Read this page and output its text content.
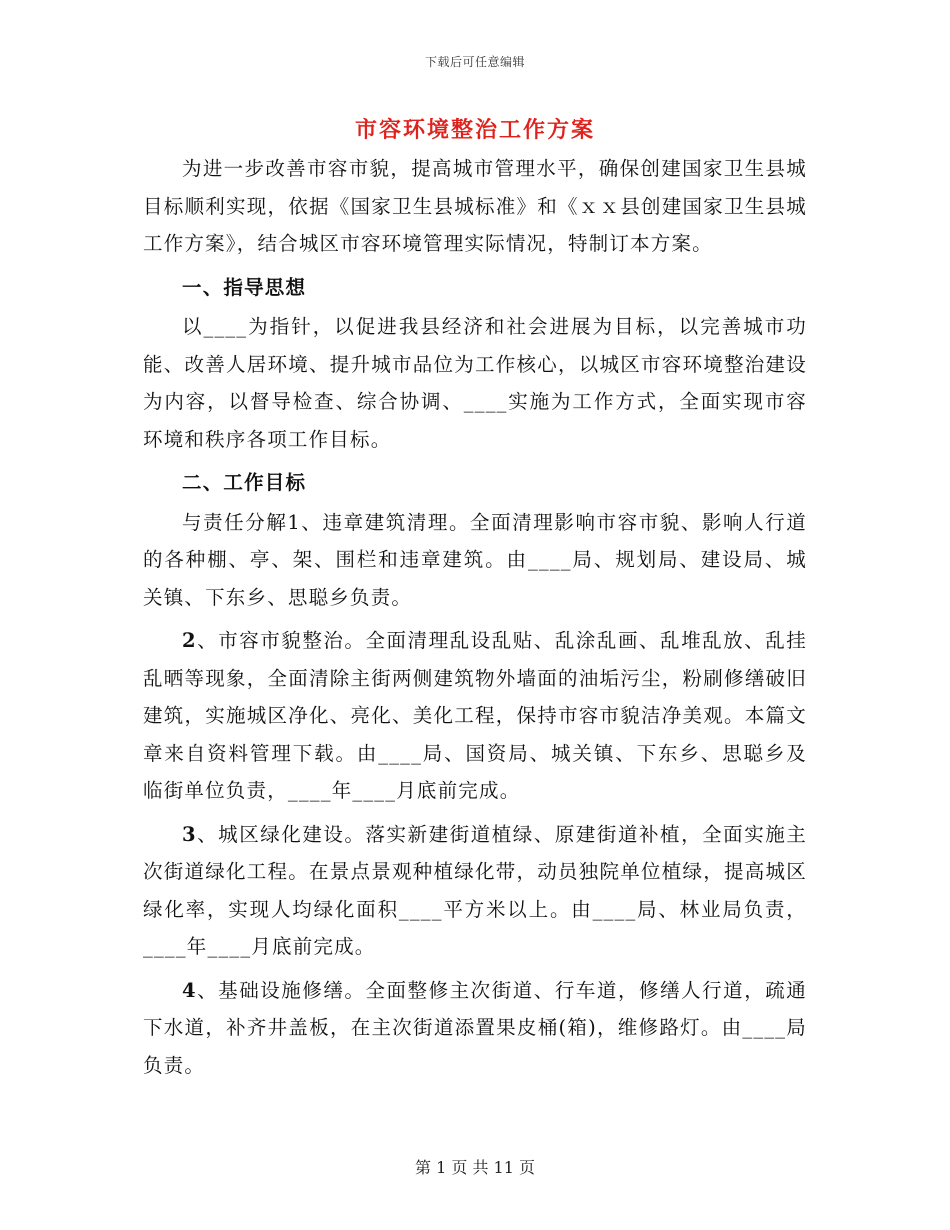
下载后可任意编辑
市容环境整治工作方案

为进一步改善市容市貌，提高城市管理水平，确保创建国家卫生县城目标顺利实现，依据《国家卫生县城标准》和《ｘｘ县创建国家卫生县城工作方案》，结合城区市容环境管理实际情况，特制订本方案。

一、指导思想

以____为指针，以促进我县经济和社会进展为目标，以完善城市功能、改善人居环境、提升城市品位为工作核心，以城区市容环境整治建设为内容，以督导检查、综合协调、____实施为工作方式，全面实现市容环境和秩序各项工作目标。

二、工作目标

与责任分解1、违章建筑清理。全面清理影响市容市貌、影响人行道的各种棚、亭、架、围栏和违章建筑。由____局、规划局、建设局、城关镇、下东乡、思聪乡负责。

2、市容市貌整治。全面清理乱设乱贴、乱涂乱画、乱堆乱放、乱挂乱晒等现象，全面清除主街两侧建筑物外墙面的油垢污尘，粉刷修缮破旧建筑，实施城区净化、亮化、美化工程，保持市容市貌洁净美观。本篇文章来自资料管理下载。由____局、国资局、城关镇、下东乡、思聪乡及临街单位负责，____年____月底前完成。

3、城区绿化建设。落实新建街道植绿、原建街道补植，全面实施主次街道绿化工程。在景点景观种植绿化带，动员独院单位植绿，提高城区绿化率，实现人均绿化面积____平方米以上。由____局、林业局负责，____年____月底前完成。

4、基础设施修缮。全面整修主次街道、行车道，修缮人行道，疏通下水道，补齐井盖板，在主次街道添置果皮桶(箱)，维修路灯。由____局负责。

第 1 页 共 11 页
